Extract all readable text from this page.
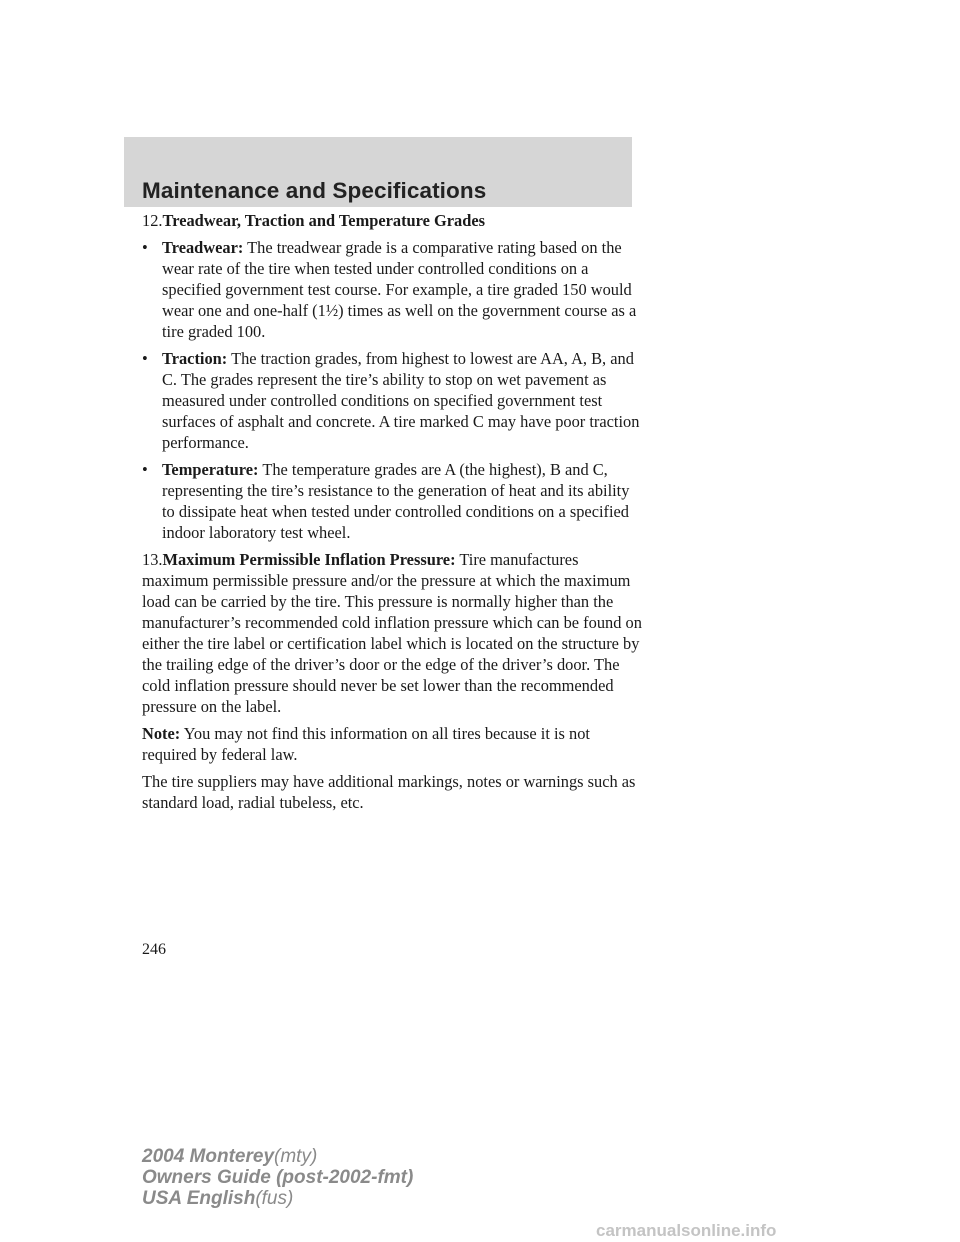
Maintenance and Specifications

12.Treadwear, Traction and Temperature Grades

• Treadwear: The treadwear grade is a comparative rating based on the wear rate of the tire when tested under controlled conditions on a specified government test course. For example, a tire graded 150 would wear one and one-half (1½) times as well on the government course as a tire graded 100.
• Traction: The traction grades, from highest to lowest are AA, A, B, and C. The grades represent the tire’s ability to stop on wet pavement as measured under controlled conditions on specified government test surfaces of asphalt and concrete. A tire marked C may have poor traction performance.
• Temperature: The temperature grades are A (the highest), B and C, representing the tire’s resistance to the generation of heat and its ability to dissipate heat when tested under controlled conditions on a specified indoor laboratory test wheel.

13.Maximum Permissible Inflation Pressure: Tire manufactures maximum permissible pressure and/or the pressure at which the maximum load can be carried by the tire. This pressure is normally higher than the manufacturer’s recommended cold inflation pressure which can be found on either the tire label or certification label which is located on the structure by the trailing edge of the driver’s door or the edge of the driver’s door. The cold inflation pressure should never be set lower than the recommended pressure on the label.

Note: You may not find this information on all tires because it is not required by federal law.

The tire suppliers may have additional markings, notes or warnings such as standard load, radial tubeless, etc.

246
2004 Monterey(mty)
Owners Guide (post-2002-fmt)
USA English(fus)
carmanualsonline.info
